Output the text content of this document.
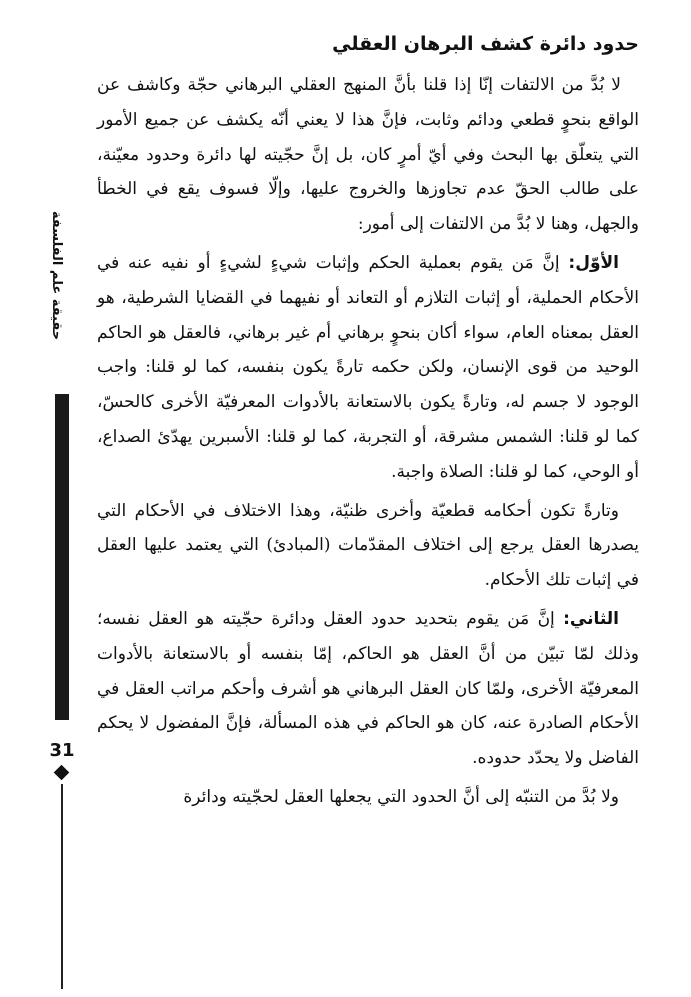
حدود دائرة كشف البرهان العقلي

لا بُدَّ من الالتفات إنّا إذا قلنا بأنَّ المنهج العقلي البرهاني حجّة وكاشف عن الواقع بنحوٍ قطعي ودائم وثابت، فإنَّ هذا لا يعني أنّه يكشف عن جميع الأمور التي يتعلّق بها البحث وفي أيّ أمرٍ كان، بل إنَّ حجّيته لها دائرة وحدود معيّنة، على طالب الحقّ عدم تجاوزها والخروج عليها، وإلّا فسوف يقع في الخطأ والجهل، وهنا لا بُدَّ من الالتفات إلى أمور:

الأوّل: إنَّ مَن يقوم بعملية الحكم وإثبات شيءٍ لشيءٍ أو نفيه عنه في الأحكام الحملية، أو إثبات التلازم أو التعاند أو نفيهما في القضايا الشرطية، هو العقل بمعناه العام، سواء أكان بنحوٍ برهاني أم غير برهاني، فالعقل هو الحاكم الوحيد من قوى الإنسان، ولكن حكمه تارةً يكون بنفسه، كما لو قلنا: واجب الوجود لا جسم له، وتارةً يكون بالاستعانة بالأدوات المعرفيّة الأخرى كالحسّ، كما لو قلنا: الشمس مشرقة، أو التجربة، كما لو قلنا: الأسبرين يهدّئ الصداع، أو الوحي، كما لو قلنا: الصلاة واجبة.

وتارةً تكون أحكامه قطعيّة وأخرى ظنيّة، وهذا الاختلاف في الأحكام التي يصدرها العقل يرجع إلى اختلاف المقدّمات (المبادئ) التي يعتمد عليها العقل في إثبات تلك الأحكام.

الثاني: إنَّ مَن يقوم بتحديد حدود العقل ودائرة حجّيته هو العقل نفسه؛ وذلك لمّا تبيّن من أنَّ العقل هو الحاكم، إمّا بنفسه أو بالاستعانة بالأدوات المعرفيّة الأخرى، ولمّا كان العقل البرهاني هو أشرف وأحكم مراتب العقل في الأحكام الصادرة عنه، كان هو الحاكم في هذه المسألة، فإنَّ المفضول لا يحكم الفاضل ولا يحدّد حدوده.

ولا بُدَّ من التنبّه إلى أنَّ الحدود التي يجعلها العقل لحجّيته ودائرة

حقيقة علم الفلسفة
31
